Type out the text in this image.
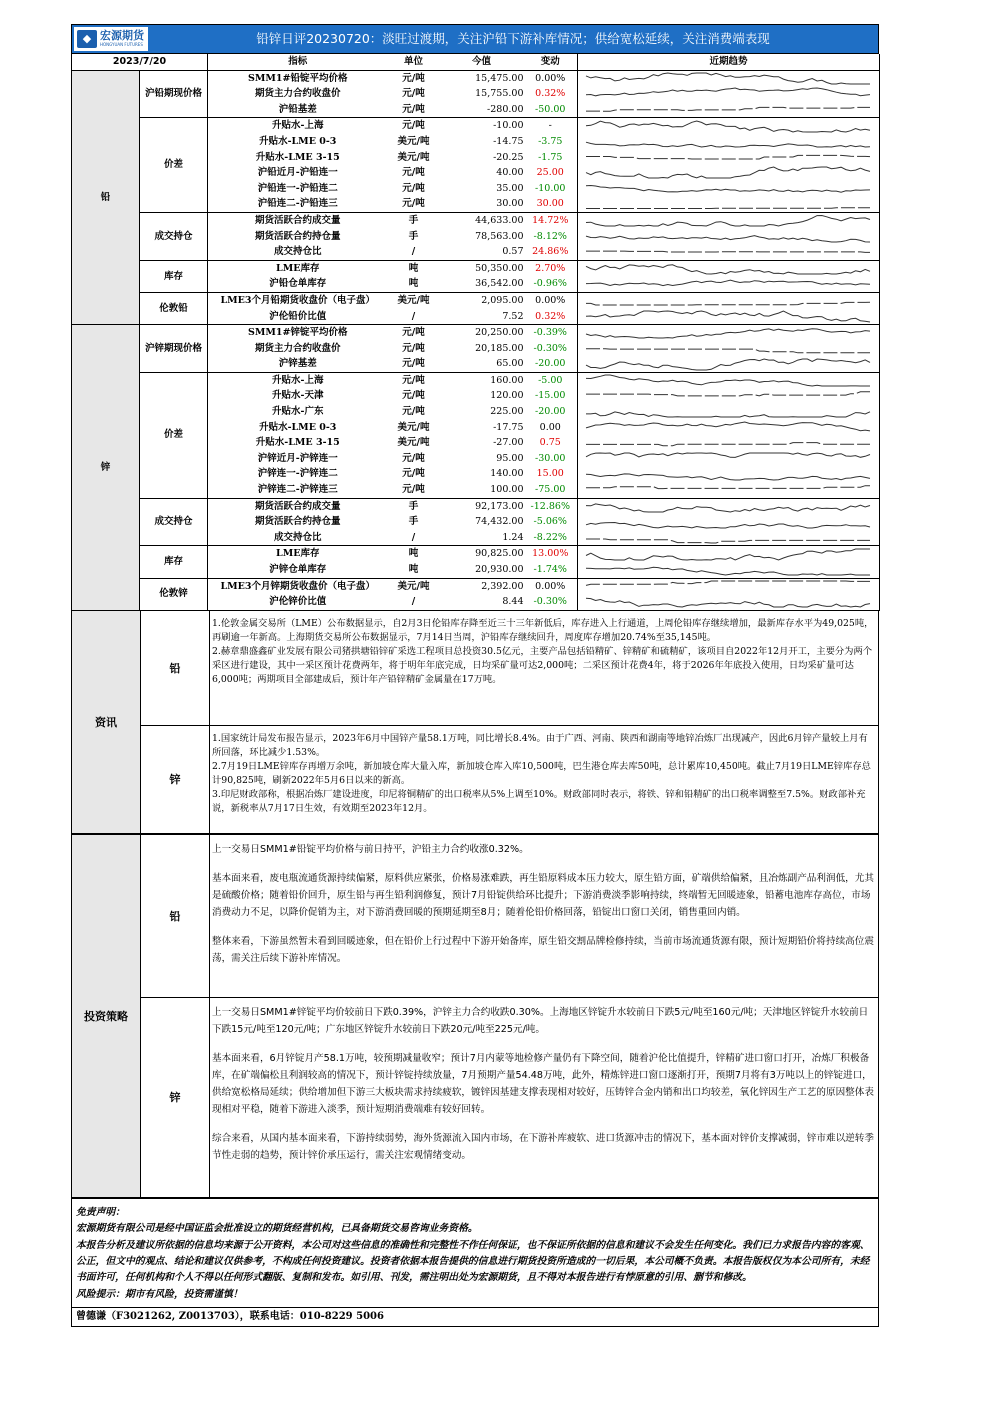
◆ 宏源期货
HONGYUAN FUTURES	铅锌日评20230720：淡旺过渡期，关注沪铅下游补库情况；供给宽松延续，关注消费端表现
2023/7/20		指标	单位	今值	变动	近期趋势
铅	沪铅期现价格	SMM1#铅锭平均价格	元/吨	15,475.00	0.00%	

		期货主力合约收盘价	元/吨	15,755.00	0.32%	

		沪铅基差	元/吨	-280.00	-50.00	

	价差	升贴水-上海	元/吨	-10.00	-	

		升贴水-LME 0-3	美元/吨	-14.75	-3.75	

		升贴水-LME 3-15	美元/吨	-20.25	-1.75	

		沪铅近月-沪铅连一	元/吨	40.00	25.00	

		沪铅连一-沪铅连二	元/吨	35.00	-10.00	

		沪铅连二-沪铅连三	元/吨	30.00	30.00	

	成交持仓	期货活跃合约成交量	手	44,633.00	14.72%	

		期货活跃合约持仓量	手	78,563.00	-8.12%	

		成交持仓比	/	0.57	24.86%	

	库存	LME库存	吨	50,350.00	2.70%	

		沪铅仓单库存	吨	36,542.00	-0.96%	

	伦敦铅	LME3个月铅期货收盘价（电子盘）	美元/吨	2,095.00	0.00%	

		沪伦铅价比值	/	7.52	0.32%	

锌	沪锌期现价格	SMM1#锌锭平均价格	元/吨	20,250.00	-0.39%	

		期货主力合约收盘价	元/吨	20,185.00	-0.30%	

		沪锌基差	元/吨	65.00	-20.00	

	价差	升贴水-上海	元/吨	160.00	-5.00	

		升贴水-天津	元/吨	120.00	-15.00	

		升贴水-广东	元/吨	225.00	-20.00	

		升贴水-LME 0-3	美元/吨	-17.75	0.00	

		升贴水-LME 3-15	美元/吨	-27.00	0.75	

		沪锌近月-沪锌连一	元/吨	95.00	-30.00	

		沪锌连一-沪锌连二	元/吨	140.00	15.00	

		沪锌连二-沪锌连三	元/吨	100.00	-75.00	

	成交持仓	期货活跃合约成交量	手	92,173.00	-12.86%	

		期货活跃合约持仓量	手	74,432.00	-5.06%	

		成交持仓比	/	1.24	-8.22%	

	库存	LME库存	吨	90,825.00	13.00%	

		沪锌仓单库存	吨	20,930.00	-1.74%	

	伦敦锌	LME3个月锌期货收盘价（电子盘）	美元/吨	2,392.00	0.00%	

		沪伦锌价比值	/	8.44	-0.30%	
资讯
铅

1.伦敦金属交易所（LME）公布数据显示，自2月3日伦铅库存降至近三十三年新低后，库存进入上行通道，上周伦铅库存继续增加，最新库存水平为49,025吨，再刷逾一年新高。上海期货交易所公布数据显示，7月14日当周，沪铅库存继续回升，周度库存增加20.74%至35,145吨。

2.赫章鼎盛鑫矿业发展有限公司猪拱塘铅锌矿采选工程项目总投资30.5亿元，主要产品包括铅精矿、锌精矿和硫精矿，该项目自2022年12月开工，主要分为两个采区进行建设，其中一采区预计花费两年，将于明年年底完成，日均采矿量可达2,000吨；二采区预计花费4年，将于2026年年底投入使用，日均采矿量可达6,000吨；两期项目全部建成后，预计年产铅锌精矿金属量在17万吨。

锌

1.国家统计局发布报告显示，2023年6月中国锌产量58.1万吨，同比增长8.4%。由于广西、河南、陕西和湖南等地锌冶炼厂出现减产，因此6月锌产量较上月有所回落，环比减少1.53%。

2.7月19日LME锌库存再增万余吨，新加坡仓库大量入库，新加坡仓库入库10,500吨，巴生港仓库去库50吨，总计累库10,450吨。截止7月19日LME锌库存总计90,825吨，刷新2022年5月6日以来的新高。

3.印尼财政部称，根据冶炼厂建设进度，印尼将铜精矿的出口税率从5%上调至10%。财政部同时表示，将铁、锌和铅精矿的出口税率调整至7.5%。财政部补充说，新税率从7月17日生效，有效期至2023年12月。

投资策略
铅

上一交易日SMM1#铅锭平均价格与前日持平，沪铅主力合约收涨0.32%。

基本面来看，废电瓶流通货源持续偏紧，原料供应紧张，价格易涨难跌，再生铅原料成本压力较大，原生铅方面，矿端供给偏紧，且冶炼副产品利润低，尤其是硫酸价格；随着铅价回升，原生铅与再生铅利润修复，预计7月铅锭供给环比提升；下游消费淡季影响持续，终端暂无回暖迹象，铅蓄电池库存高位，市场消费动力不足，以降价促销为主，对下游消费回暖的预期延期至8月；随着伦铅价格回落，铅锭出口窗口关闭，销售重回内销。

整体来看，下游虽然暂未看到回暖迹象，但在铅价上行过程中下游开始备库，原生铅交割品牌检修持续，当前市场流通货源有限，预计短期铅价将持续高位震荡，需关注后续下游补库情况。

锌

上一交易日SMM1#锌锭平均价较前日下跌0.39%，沪锌主力合约收跌0.30%。上海地区锌锭升水较前日下跌5元/吨至160元/吨；天津地区锌锭升水较前日下跌15元/吨至120元/吨；广东地区锌锭升水较前日下跌20元/吨至225元/吨。

基本面来看，6月锌锭月产58.1万吨，较预期减量收窄；预计7月内蒙等地检修产量仍有下降空间，随着沪伦比值提升，锌精矿进口窗口打开，冶炼厂积极备库，在矿端偏松且利润较高的情况下，预计锌锭持续放量，7月预期产量54.48万吨，此外，精炼锌进口窗口逐渐打开，预期7月将有3万吨以上的锌锭进口，供给宽松格局延续；供给增加但下游三大板块需求持续疲软，镀锌因基建支撑表现相对较好，压铸锌合金内销和出口均较差，氧化锌因生产工艺的原因整体表现相对平稳，随着下游进入淡季，预计短期消费端难有较好回转。

综合来看，从国内基本面来看，下游持续弱势，海外货源流入国内市场，在下游补库疲软、进口货源冲击的情况下，基本面对锌价支撑减弱，锌市难以逆转季节性走弱的趋势，预计锌价承压运行，需关注宏观情绪变动。

免责声明：
宏源期货有限公司是经中国证监会批准设立的期货经营机构，已具备期货交易咨询业务资格。
本报告分析及建议所依据的信息均来源于公开资料，本公司对这些信息的准确性和完整性不作任何保证，也不保证所依据的信息和建议不会发生任何变化。我们已力求报告内容的客观、公正，但文中的观点、结论和建议仅供参考，不构成任何投资建议。投资者依据本报告提供的信息进行期货投资所造成的一切后果，本公司概不负责。本报告版权仅为本公司所有，未经书面许可，任何机构和个人不得以任何形式翻版、复制和发布。如引用、刊发，需注明出处为宏源期货，且不得对本报告进行有悖原意的引用、删节和修改。
风险提示：期市有风险，投资需谨慎！
曾德谦（F3021262, Z0013703），联系电话：010-8229 5006
